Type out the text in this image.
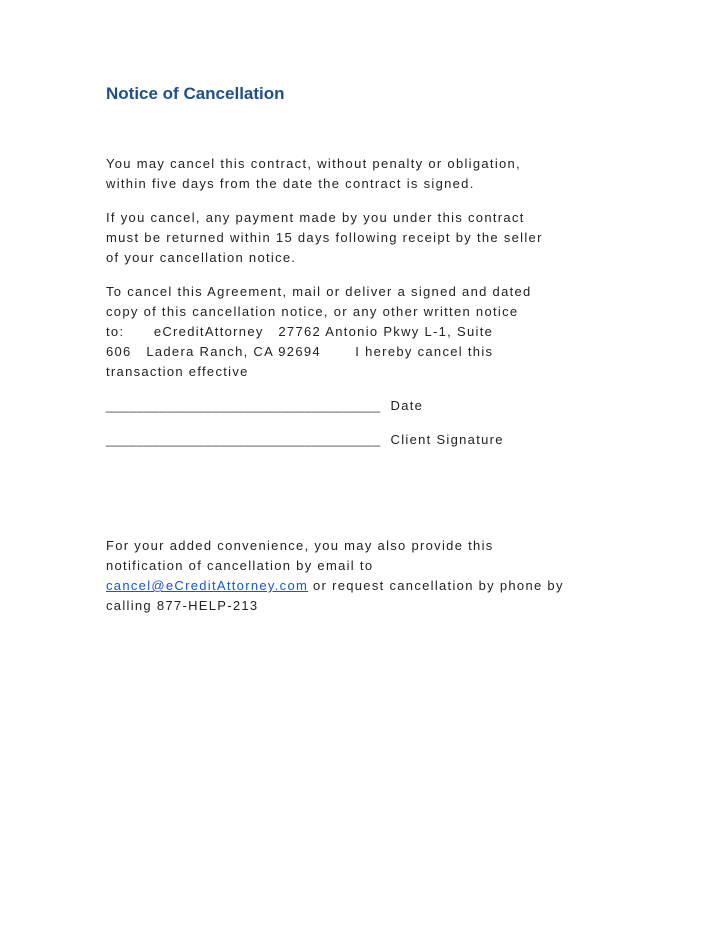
Notice of Cancellation
You may cancel this contract, without penalty or obligation,
within five days from the date the contract is signed.
If you cancel, any payment made by you under this contract
must be returned within 15 days following receipt by the seller
of your cancellation notice.
To cancel this Agreement, mail or deliver a signed and dated
copy of this cancellation notice, or any other written notice
to:      eCreditAttorney   27762 Antonio Pkwy L-1, Suite
606   Ladera Ranch, CA 92694       I hereby cancel this
transaction effective
____________________________________ Date
____________________________________ Client Signature
For your added convenience, you may also provide this
notification of cancellation by email to
cancel@eCreditAttorney.com or request cancellation by phone by
calling 877-HELP-213
